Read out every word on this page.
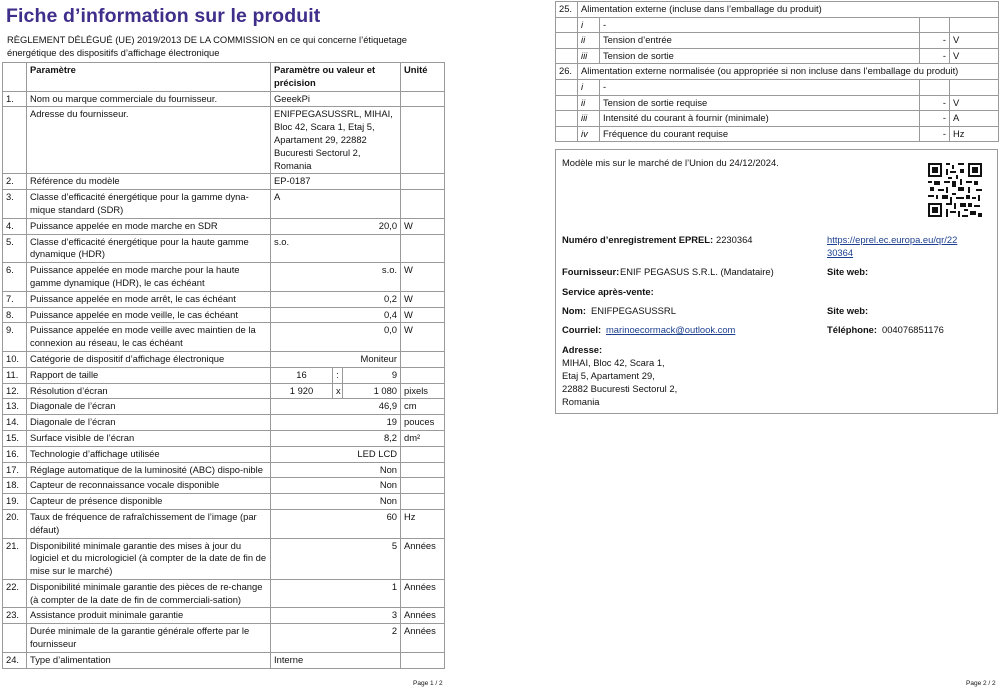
Fiche d’information sur le produit
RÈGLEMENT DÉLÉGUÉ (UE) 2019/2013 DE LA COMMISSION en ce qui concerne l’étiquetage énergétique des dispositifs d’affichage électronique
	Paramètre	Paramètre ou valeur et précision			Unité
1.	Nom ou marque commerciale du fournisseur.	GeeekPi			
	Adresse du fournisseur.	ENIFPEGASUSSRL, MIHAI, Bloc 42, Scara 1, Etaj 5, Apartament 29, 22882 Bucuresti Sectorul 2, Romania			
2.	Référence du modèle	EP-0187			
3.	Classe d’efficacité énergétique pour la gamme dyna-mique standard (SDR)	A			
4.	Puissance appelée en mode marche en SDR	20,0			W
5.	Classe d’efficacité énergétique pour la haute gamme dynamique (HDR)	s.o.			
6.	Puissance appelée en mode marche pour la haute gamme dynamique (HDR), le cas échéant	s.o.			W
7.	Puissance appelée en mode arrêt, le cas échéant	0,2			W
8.	Puissance appelée en mode veille, le cas échéant	0,4			W
9.	Puissance appelée en mode veille avec maintien de la connexion au réseau, le cas échéant	0,0			W
10.	Catégorie de dispositif d’affichage électronique	Moniteur			
11.	Rapport de taille	16	:	9	
12.	Résolution d’écran	1 920	x	1 080	pixels
13.	Diagonale de l’écran	46,9			cm
14.	Diagonale de l’écran	19			pouces
15.	Surface visible de l’écran	8,2			dm²
16.	Technologie d’affichage utilisée	LED LCD			
17.	Réglage automatique de la luminosité (ABC) dispo-nible	Non			
18.	Capteur de reconnaissance vocale disponible	Non			
19.	Capteur de présence disponible	Non			
20.	Taux de fréquence de rafraîchissement de l’image (par défaut)	60			Hz
21.	Disponibilité minimale garantie des mises à jour du logiciel et du micrologiciel (à compter de la date de fin de mise sur le marché)	5			Années
22.	Disponibilité minimale garantie des pièces de re-change (à compter de la date de fin de commerciali-sation)	1			Années
23.	Assistance produit minimale garantie	3			Années
	Durée minimale de la garantie générale offerte par le fournisseur	2			Années
24.	Type d’alimentation	Interne			
25.	Alimentation externe (incluse dans l’emballage du produit)			
	i	-		
	ii	Tension d’entrée	-	V
	iii	Tension de sortie	-	V
26.	Alimentation externe normalisée (ou appropriée si non incluse dans l’emballage du produit)			
	i	-		
	ii	Tension de sortie requise	-	V
	iii	Intensité du courant à fournir (minimale)	-	A
	iv	Fréquence du courant requise	-	Hz
Modèle mis sur le marché de l’Union du 24/12/2024.
Numéro d’enregistrement EPREL: 2230364	https://eprel.ec.europa.eu/qr/22
30364
Fournisseur: ENIF PEGASUS S.R.L. (Mandataire)	Site web:
Service après-vente:
Nom: ENIFPEGASUSSRL	Site web:
Courriel: marinoecormack@outlook.com	Téléphone: 004076851176
Adresse:
MIHAI, Bloc 42, Scara 1,
Etaj 5, Apartament 29,
22882 Bucuresti Sectorul 2,
Romania
Page 1 / 2	Page 2 / 2
